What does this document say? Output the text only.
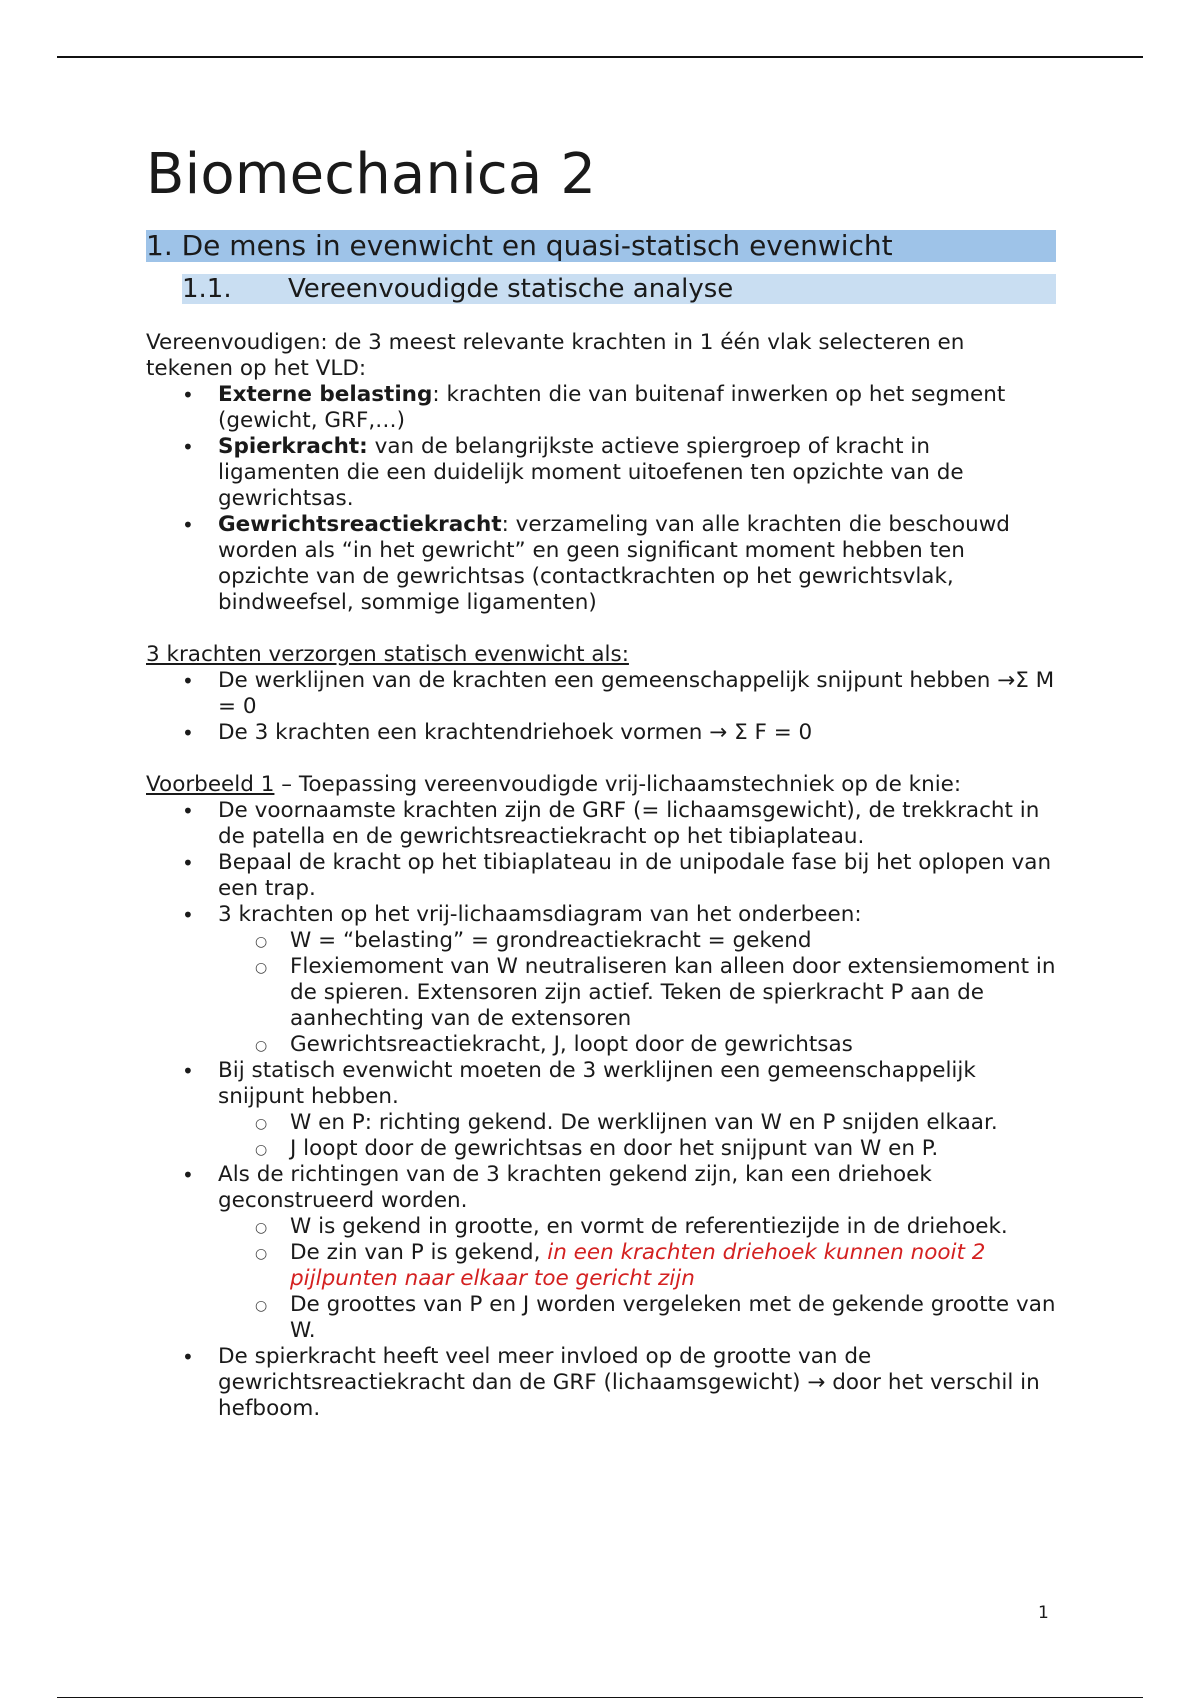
Biomechanica 2
1. De mens in evenwicht en quasi-statisch evenwicht
1.1.	Vereenvoudigde statische analyse

Vereenvoudigen: de 3 meest relevante krachten in 1 één vlak selecteren en tekenen op het VLD:

• Externe belasting: krachten die van buitenaf inwerken op het segment (gewicht, GRF,…)
• Spierkracht: van de belangrijkste actieve spiergroep of kracht in ligamenten die een duidelijk moment uitoefenen ten opzichte van de gewrichtsas.
• Gewrichtsreactiekracht: verzameling van alle krachten die beschouwd worden als “in het gewricht” en geen significant moment hebben ten opzichte van de gewrichtsas (contactkrachten op het gewrichtsvlak, bindweefsel, sommige ligamenten)

3 krachten verzorgen statisch evenwicht als:

• De werklijnen van de krachten een gemeenschappelijk snijpunt hebben →Σ M = 0
• De 3 krachten een krachtendriehoek vormen → Σ F = 0

Voorbeeld 1 – Toepassing vereenvoudigde vrij-lichaamstechniek op de knie:

• De voornaamste krachten zijn de GRF (= lichaamsgewicht), de trekkracht in de patella en de gewrichtsreactiekracht op het tibiaplateau.
• Bepaal de kracht op het tibiaplateau in de unipodale fase bij het oplopen van een trap.
• 3 krachten op het vrij-lichaamsdiagram van het onderbeen:
○ W = “belasting” = grondreactiekracht = gekend
○ Flexiemoment van W neutraliseren kan alleen door extensiemoment in de spieren. Extensoren zijn actief. Teken de spierkracht P aan de aanhechting van de extensoren
○ Gewrichtsreactiekracht, J, loopt door de gewrichtsas
• Bij statisch evenwicht moeten de 3 werklijnen een gemeenschappelijk snijpunt hebben.
○ W en P: richting gekend. De werklijnen van W en P snijden elkaar.
○ J loopt door de gewrichtsas en door het snijpunt van W en P.
• Als de richtingen van de 3 krachten gekend zijn, kan een driehoek geconstrueerd worden.
○ W is gekend in grootte, en vormt de referentiezijde in de driehoek.
○ De zin van P is gekend, in een krachten driehoek kunnen nooit 2 pijlpunten naar elkaar toe gericht zijn
○ De groottes van P en J worden vergeleken met de gekende grootte van W.
• De spierkracht heeft veel meer invloed op de grootte van de gewrichtsreactiekracht dan de GRF (lichaamsgewicht) → door het verschil in hefboom.
1
